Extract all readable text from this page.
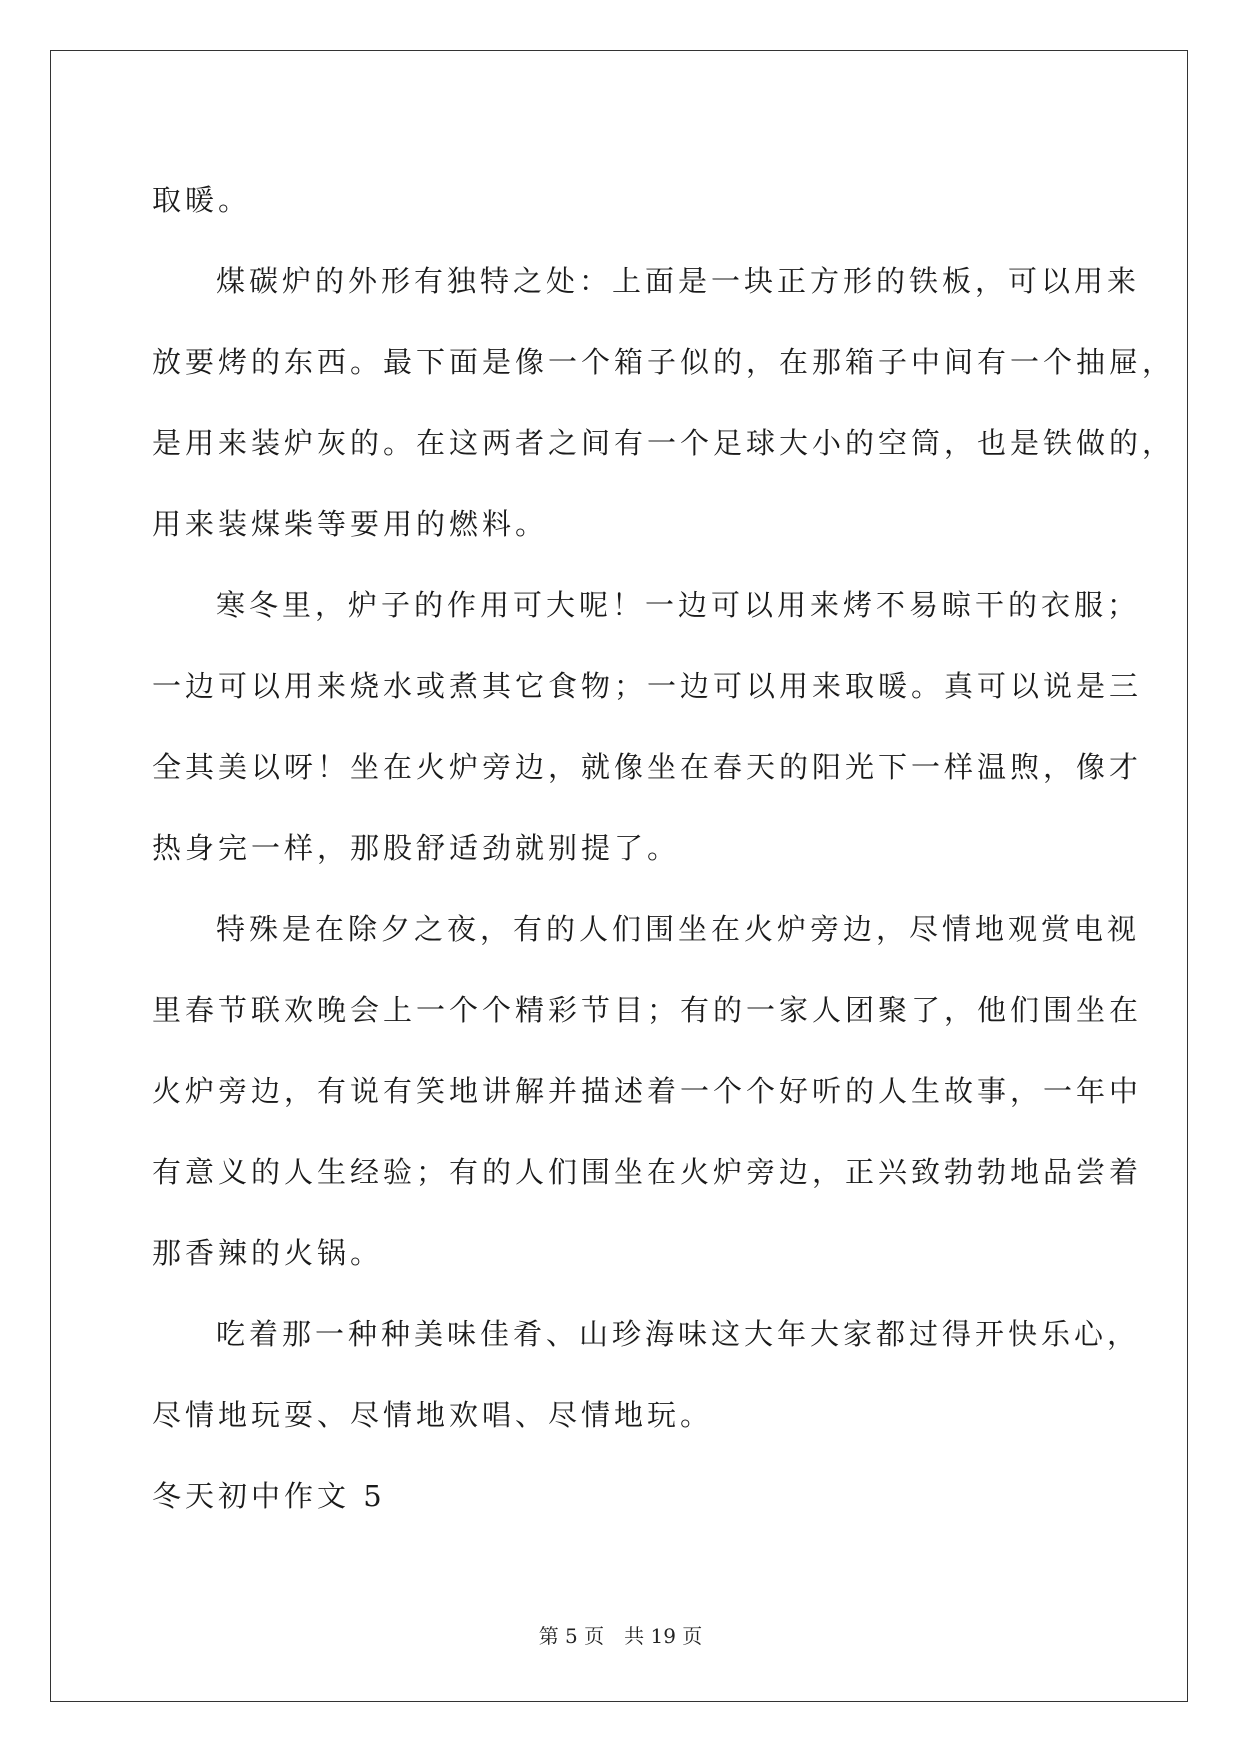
取暖。
煤碳炉的外形有独特之处：上面是一块正方形的铁板，可以用来
放要烤的东西。最下面是像一个箱子似的，在那箱子中间有一个抽屉，
是用来装炉灰的。在这两者之间有一个足球大小的空筒，也是铁做的，
用来装煤柴等要用的燃料。
寒冬里，炉子的作用可大呢！一边可以用来烤不易晾干的衣服；
一边可以用来烧水或煮其它食物；一边可以用来取暖。真可以说是三
全其美以呀！坐在火炉旁边，就像坐在春天的阳光下一样温煦，像才
热身完一样，那股舒适劲就别提了。
特殊是在除夕之夜，有的人们围坐在火炉旁边，尽情地观赏电视
里春节联欢晚会上一个个精彩节目；有的一家人团聚了，他们围坐在
火炉旁边，有说有笑地讲解并描述着一个个好听的人生故事，一年中
有意义的人生经验；有的人们围坐在火炉旁边，正兴致勃勃地品尝着
那香辣的火锅。
吃着那一种种美味佳肴、山珍海味这大年大家都过得开快乐心，
尽情地玩耍、尽情地欢唱、尽情地玩。
冬天初中作文 5
第 5 页　共 19 页
